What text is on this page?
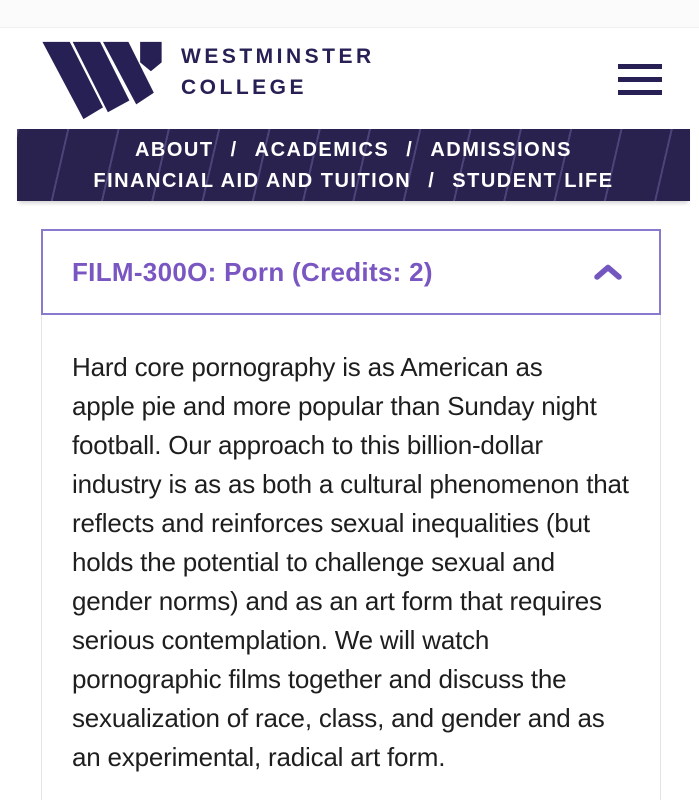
WESTMINSTER
COLLEGE
ABOUT / ACADEMICS / ADMISSIONS
FINANCIAL AID AND TUITION / STUDENT LIFE
FILM-300O: Porn (Credits: 2)
Hard core pornography is as American as
apple pie and more popular than Sunday night
football. Our approach to this billion-dollar
industry is as as both a cultural phenomenon that
reflects and reinforces sexual inequalities (but
holds the potential to challenge sexual and
gender norms) and as an art form that requires
serious contemplation. We will watch
pornographic films together and discuss the
sexualization of race, class, and gender and as
an experimental, radical art form.
